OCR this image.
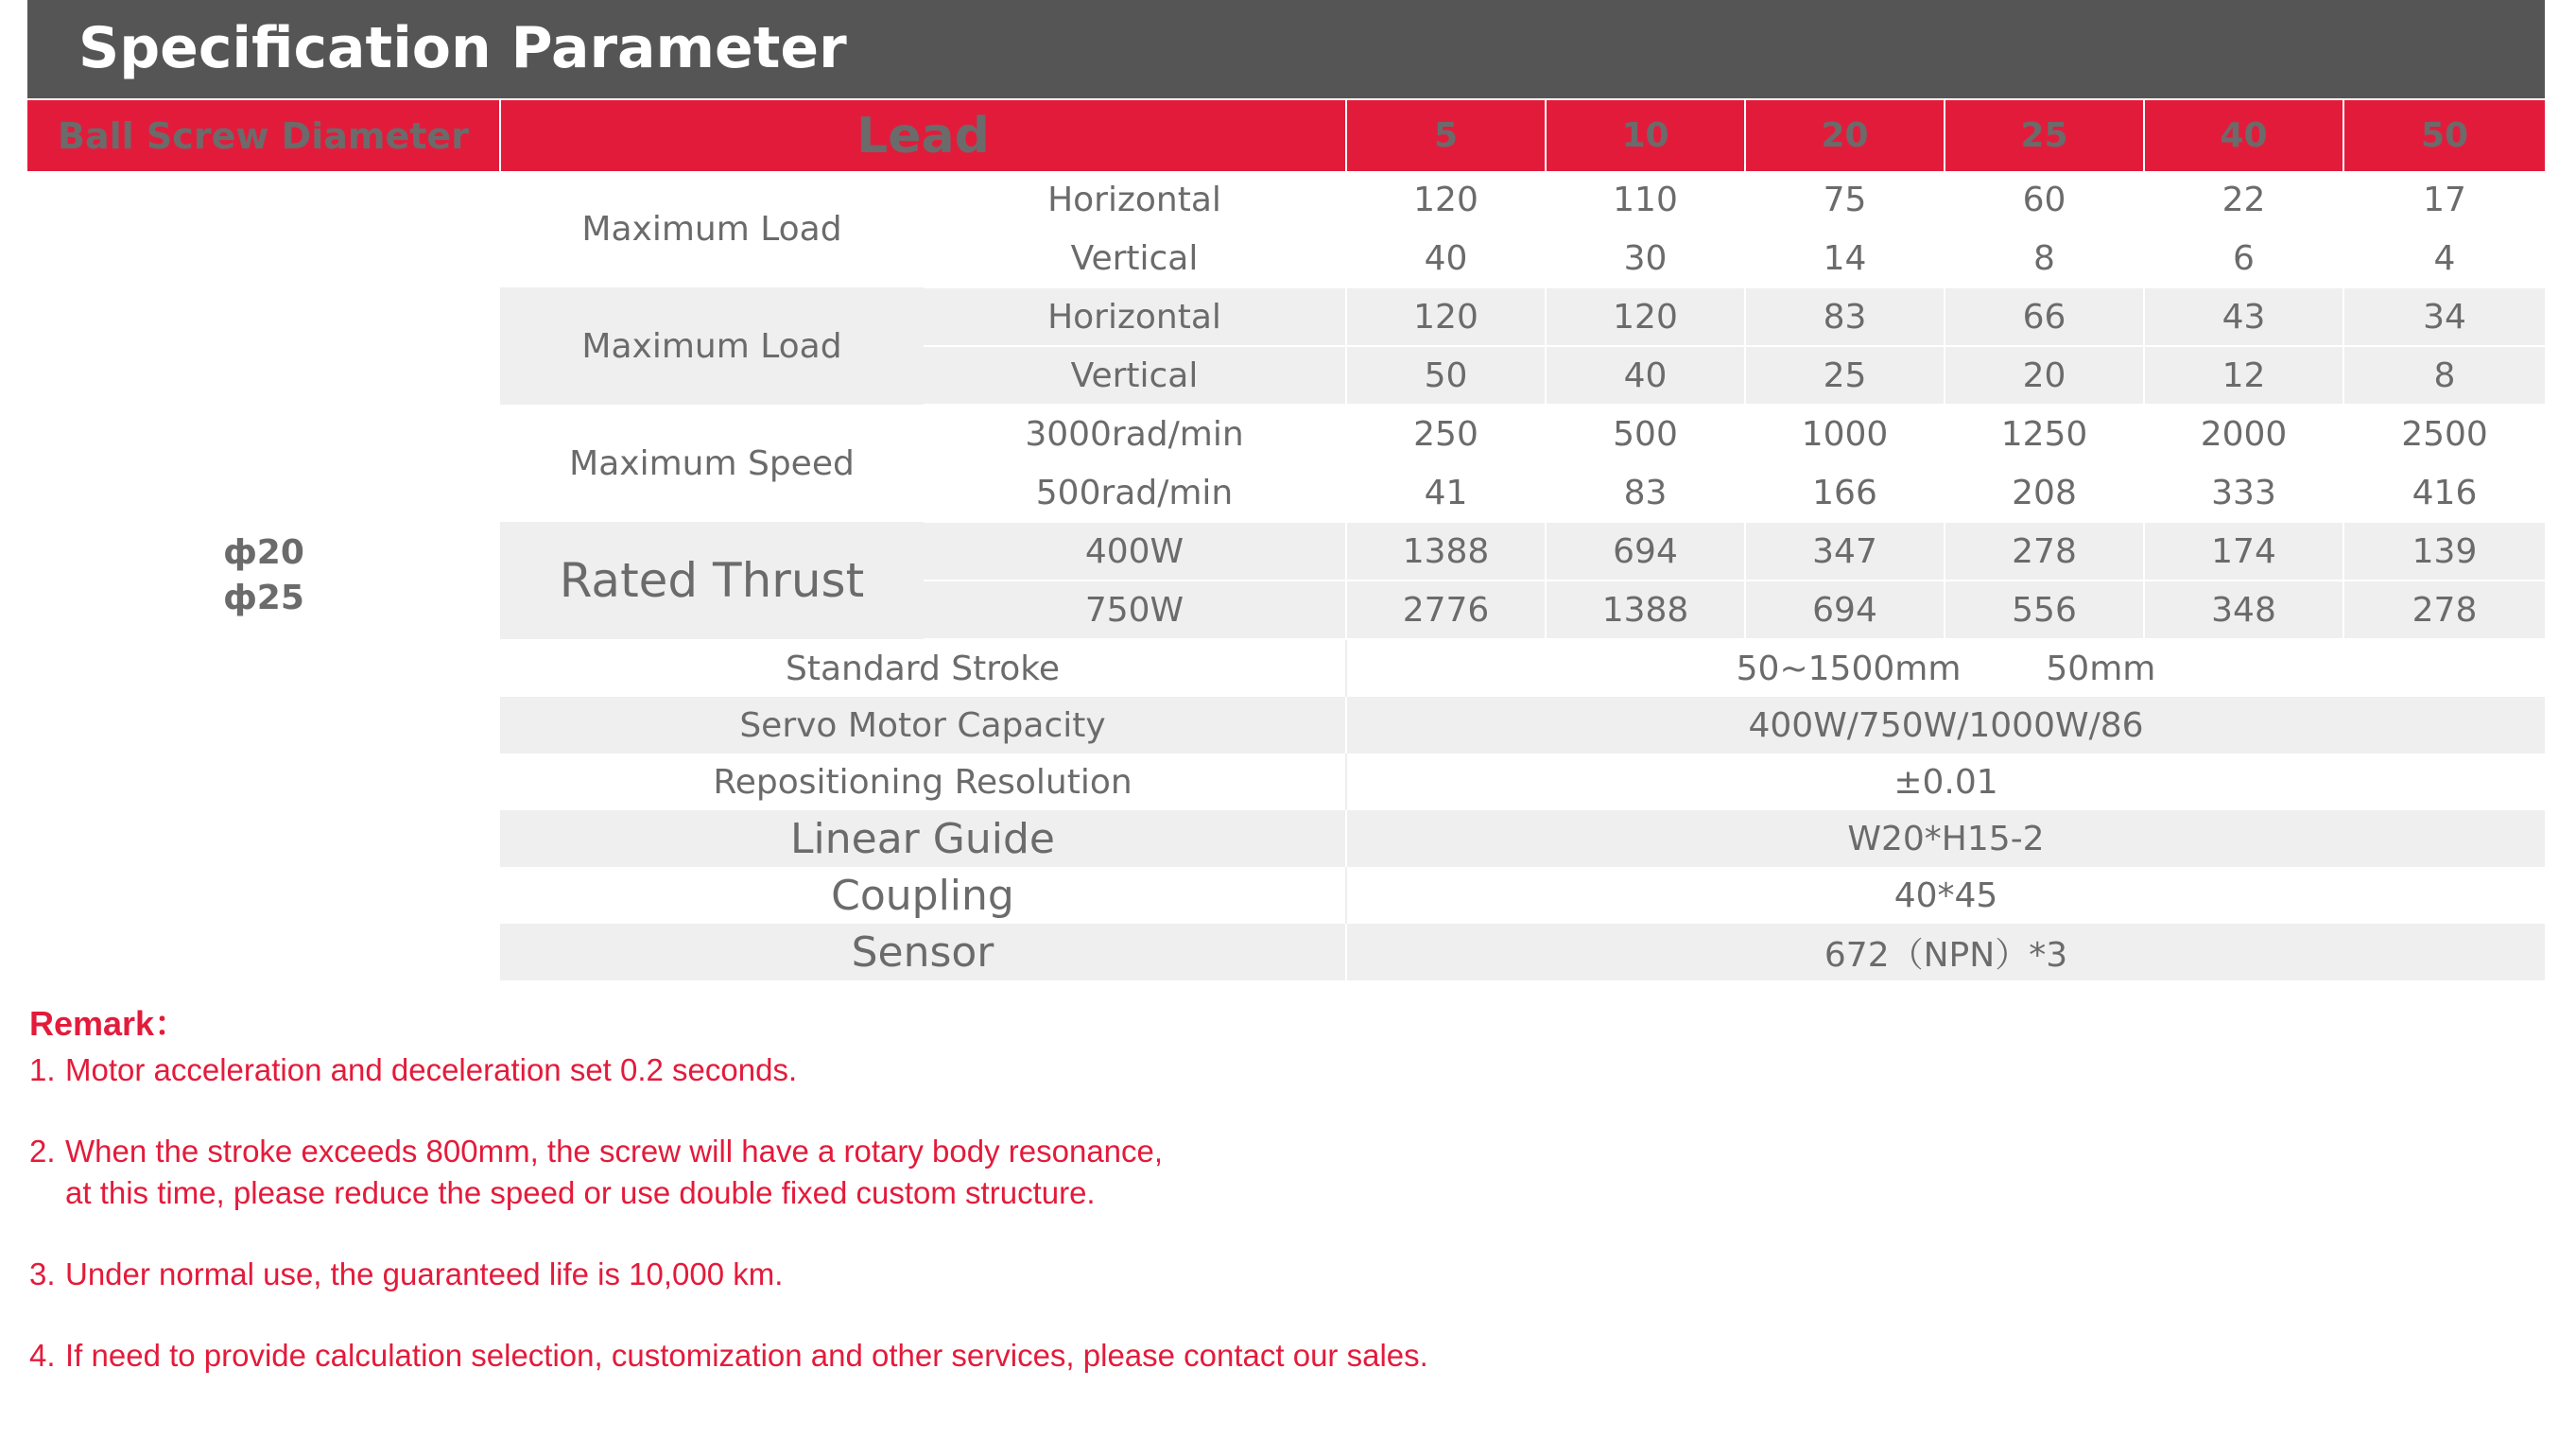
Specification Parameter
Ball Screw Diameter	Lead		5	10	20	25	40	50

ф20
ф25	Maximum Load	Horizontal	120	110	75	60	22	17
		Vertical	40	30	14	8	6	4
	Maximum Load	Horizontal	120	120	83	66	43	34
		Vertical	50	40	25	20	12	8
	Maximum Speed	3000rad/min	250	500	1000	1250	2000	2500
		500rad/min	41	83	166	208	333	416
	Rated Thrust	400W	1388	694	347	278	174	139
		750W	2776	1388	694	556	348	278
	Standard Stroke		50~1500mm 50mm					
	Servo Motor Capacity		400W/750W/1000W/86					
	Repositioning Resolution		±0.01					
	Linear Guide		W20*H15-2					
	Coupling		40*45					
	Sensor		672（NPN）*3					
Remark：
1. Motor acceleration and deceleration set 0.2 seconds.
2. When the stroke exceeds 800mm, the screw will have a rotary body resonance,
at this time, please reduce the speed or use double fixed custom structure.
3. Under normal use, the guaranteed life is 10,000 km.
4. If need to provide calculation selection, customization and other services, please contact our sales.
